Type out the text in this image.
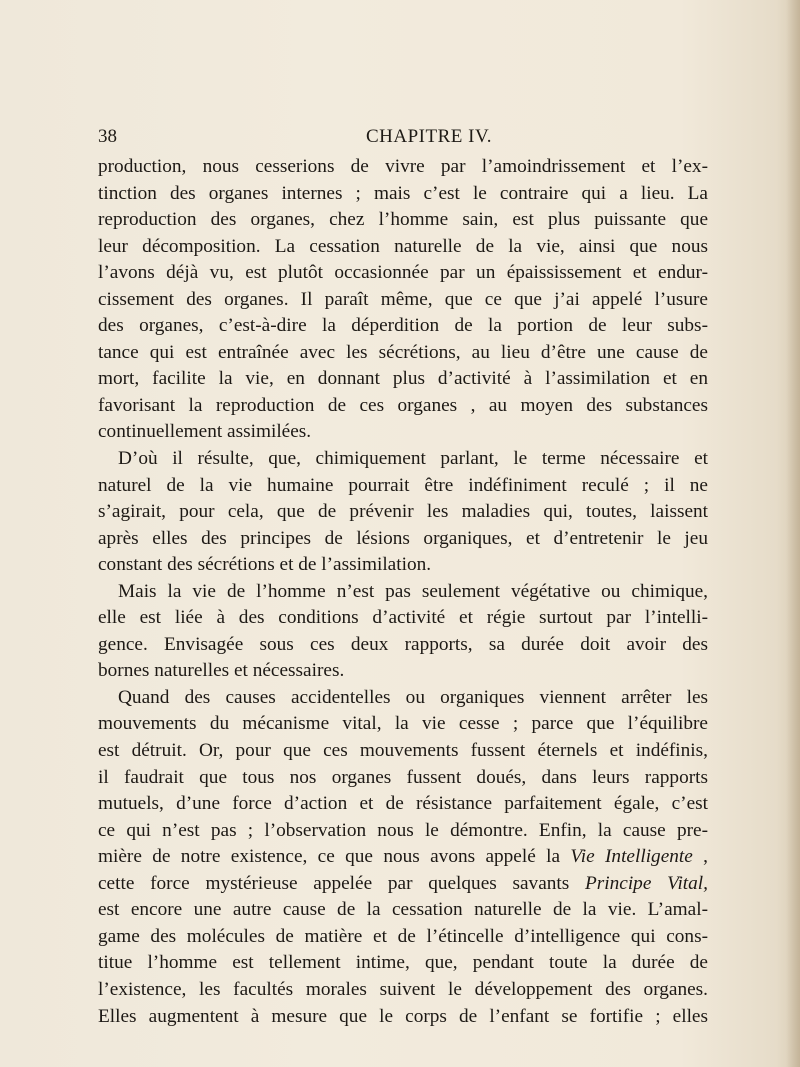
38	CHAPITRE IV.

production, nous cesserions de vivre par l’amoindrissement et l’ex-
tinction des organes internes ; mais c’est le contraire qui a lieu. La
reproduction des organes, chez l’homme sain, est plus puissante que
leur décomposition. La cessation naturelle de la vie, ainsi que nous
l’avons déjà vu, est plutôt occasionnée par un épaississement et endur-
cissement des organes. Il paraît même, que ce que j’ai appelé l’usure
des organes, c’est-à-dire la déperdition de la portion de leur subs-
tance qui est entraînée avec les sécrétions, au lieu d’être une cause de
mort, facilite la vie, en donnant plus d’activité à l’assimilation et en
favorisant la reproduction de ces organes , au moyen des substances
continuellement assimilées.

D’où il résulte, que, chimiquement parlant, le terme nécessaire et
naturel de la vie humaine pourrait être indéfiniment reculé ; il ne
s’agirait, pour cela, que de prévenir les maladies qui, toutes, laissent
après elles des principes de lésions organiques, et d’entretenir le jeu
constant des sécrétions et de l’assimilation.

Mais la vie de l’homme n’est pas seulement végétative ou chimique,
elle est liée à des conditions d’activité et régie surtout par l’intelli-
gence. Envisagée sous ces deux rapports, sa durée doit avoir des
bornes naturelles et nécessaires.

Quand des causes accidentelles ou organiques viennent arrêter les
mouvements du mécanisme vital, la vie cesse ; parce que l’équilibre
est détruit. Or, pour que ces mouvements fussent éternels et indéfinis,
il faudrait que tous nos organes fussent doués, dans leurs rapports
mutuels, d’une force d’action et de résistance parfaitement égale, c’est
ce qui n’est pas ; l’observation nous le démontre. Enfin, la cause pre-
mière de notre existence, ce que nous avons appelé la Vie Intelligente ,
cette force mystérieuse appelée par quelques savants Principe Vital,
est encore une autre cause de la cessation naturelle de la vie. L’amal-
game des molécules de matière et de l’étincelle d’intelligence qui cons-
titue l’homme est tellement intime, que, pendant toute la durée de
l’existence, les facultés morales suivent le développement des organes.
Elles augmentent à mesure que le corps de l’enfant se fortifie ; elles
